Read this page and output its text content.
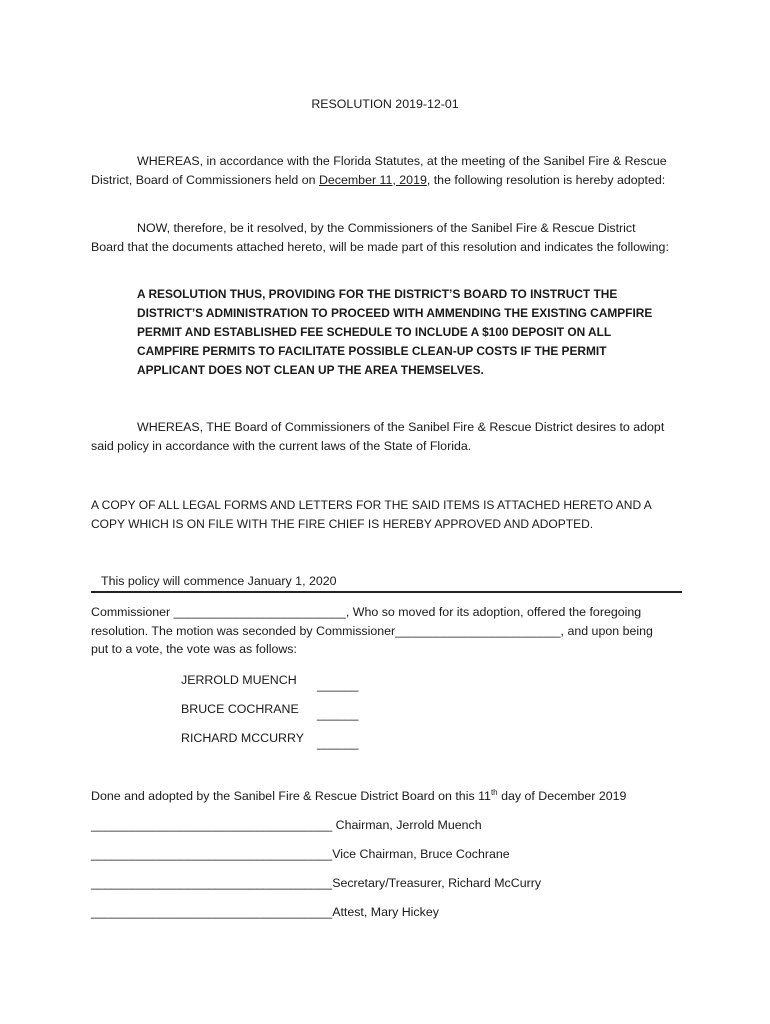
RESOLUTION 2019-12-01
WHEREAS, in accordance with the Florida Statutes, at the meeting of the Sanibel Fire & Rescue District, Board of Commissioners held on December 11, 2019, the following resolution is hereby adopted:
NOW, therefore, be it resolved, by the Commissioners of the Sanibel Fire & Rescue District Board that the documents attached hereto, will be made part of this resolution and indicates the following:
A RESOLUTION THUS, PROVIDING FOR THE DISTRICT’S BOARD TO INSTRUCT THE DISTRICT’S ADMINISTRATION TO PROCEED WITH AMMENDING THE EXISTING CAMPFIRE PERMIT AND ESTABLISHED FEE SCHEDULE TO INCLUDE A $100 DEPOSIT ON ALL CAMPFIRE PERMITS TO FACILITATE POSSIBLE CLEAN-UP COSTS IF THE PERMIT APPLICANT DOES NOT CLEAN UP THE AREA THEMSELVES.
WHEREAS, THE Board of Commissioners of the Sanibel Fire & Rescue District desires to adopt said policy in accordance with the current laws of the State of Florida.
A COPY OF ALL LEGAL FORMS AND LETTERS FOR THE SAID ITEMS IS ATTACHED HERETO AND A COPY WHICH IS ON FILE WITH THE FIRE CHIEF IS HEREBY APPROVED AND ADOPTED.
This policy will commence January 1, 2020
Commissioner _________________________, Who so moved for its adoption, offered the foregoing resolution. The motion was seconded by Commissioner________________________, and upon being put to a vote, the vote was as follows:
JERROLD MUENCH ______
BRUCE COCHRANE ______
RICHARD MCCURRY ______
Done and adopted by the Sanibel Fire & Rescue District Board on this 11th day of December 2019
___________________________________ Chairman, Jerrold Muench
___________________________________Vice Chairman, Bruce Cochrane
___________________________________Secretary/Treasurer, Richard McCurry
___________________________________Attest, Mary Hickey
